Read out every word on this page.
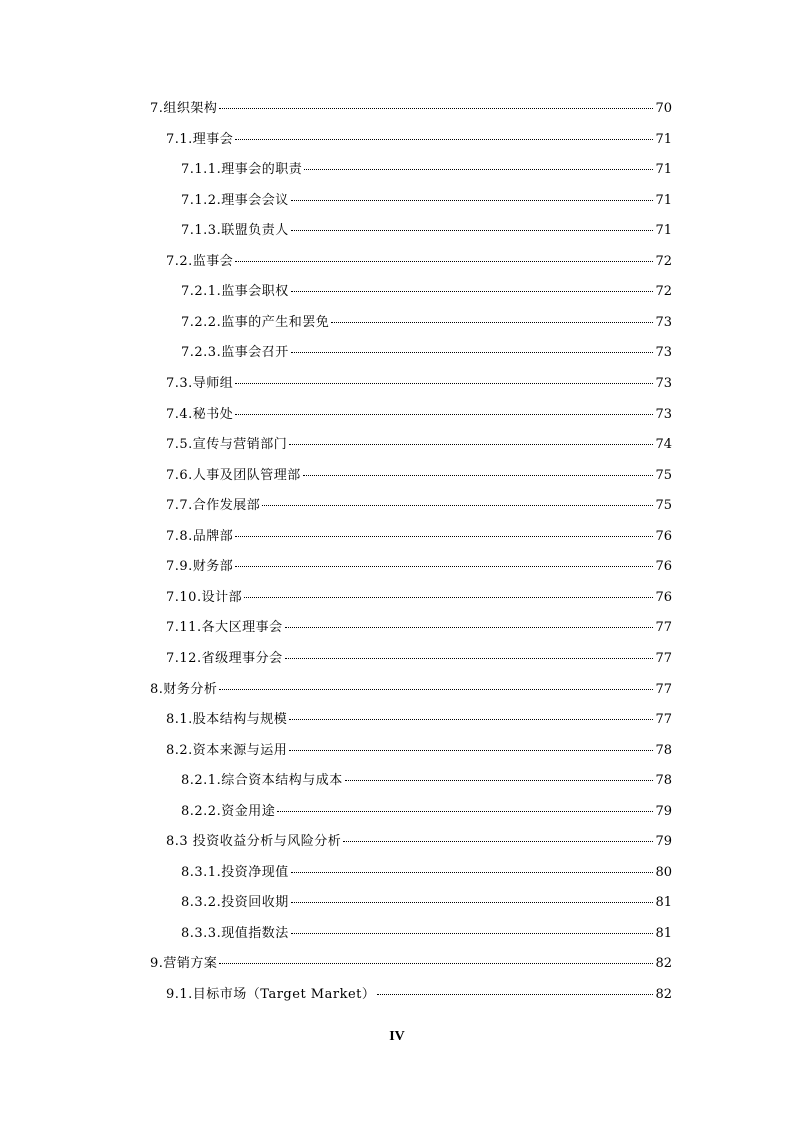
7.组织架构	70
7.1.理事会	71
7.1.1.理事会的职责	71
7.1.2.理事会会议	71
7.1.3.联盟负责人	71
7.2.监事会	72
7.2.1.监事会职权	72
7.2.2.监事的产生和罢免	73
7.2.3.监事会召开	73
7.3.导师组	73
7.4.秘书处	73
7.5.宣传与营销部门	74
7.6.人事及团队管理部	75
7.7.合作发展部	75
7.8.品牌部	76
7.9.财务部	76
7.10.设计部	76
7.11.各大区理事会	77
7.12.省级理事分会	77
8.财务分析	77
8.1.股本结构与规模	77
8.2.资本来源与运用	78
8.2.1.综合资本结构与成本	78
8.2.2.资金用途	79
8.3 投资收益分析与风险分析	79
8.3.1.投资净现值	80
8.3.2.投资回收期	81
8.3.3.现值指数法	81
9.营销方案	82
9.1.目标市场（Target Market）	82
IV
